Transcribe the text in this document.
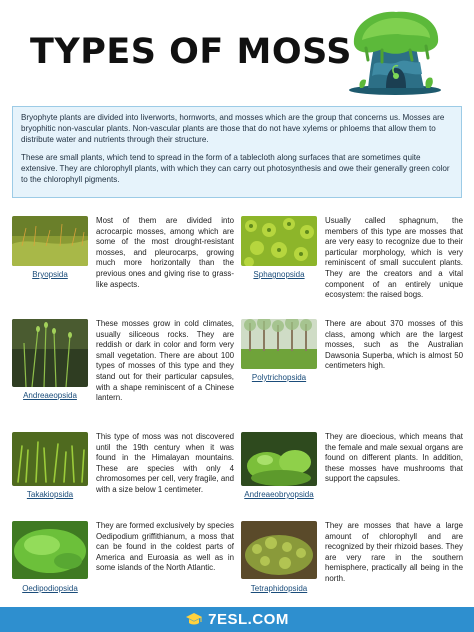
TYPES OF MOSS

Bryophyte plants are divided into liverworts, hornworts, and mosses which are the group that concerns us. Mosses are bryophitic non-vascular plants. Non-vascular plants are those that do not have xylems or phloems that allow them to distribute water and nutrients through their structure.

These are small plants, which tend to spread in the form of a tablecloth along surfaces that are sometimes quite extensive. They are chlorophyll plants, with which they can carry out photosynthesis and owe their generally green color to the chlorophyll pigments.

Bryopsida
Most of them are divided into acrocarpic mosses, among which are some of the most drought-resistant mosses, and pleurocarps, growing much more horizontally than the previous ones and giving rise to grass-like aspects.
Sphagnopsida
Usually called sphagnum, the members of this type are mosses that are very easy to recognize due to their particular morphology, which is very reminiscent of small succulent plants. They are the creators and a vital component of an entirely unique ecosystem: the raised bogs.
Andreaeopsida
These mosses grow in cold climates, usually siliceous rocks. They are reddish or dark in color and form very small vegetation. There are about 100 types of mosses of this type and they stand out for their particular capsules, with a shape reminiscent of a Chinese lantern.
Polytrichopsida
There are about 370 mosses of this class, among which are the largest mosses, such as the Australian Dawsonia Superba, which is almost 50 centimeters high.
Takakiopsida
This type of moss was not discovered until the 19th century when it was found in the Himalayan mountains. These are species with only 4 chromosomes per cell, very fragile, and with a size below 1 centimeter.
Andreaeobryopsida
They are dioecious, which means that the female and male sexual organs are found on different plants. In addition, these mosses have mushrooms that support the capsules.
Oedipodiopsida
They are formed exclusively by species Oedipodium griffithianum, a moss that can be found in the coldest parts of America and Euroasia as well as in some islands of the North Atlantic.
Tetraphidopsida
They are mosses that have a large amount of chlorophyll and are recognized by their rhizoid bases. They are very rare in the southern hemisphere, practically all being in the north.
7ESL.COM
